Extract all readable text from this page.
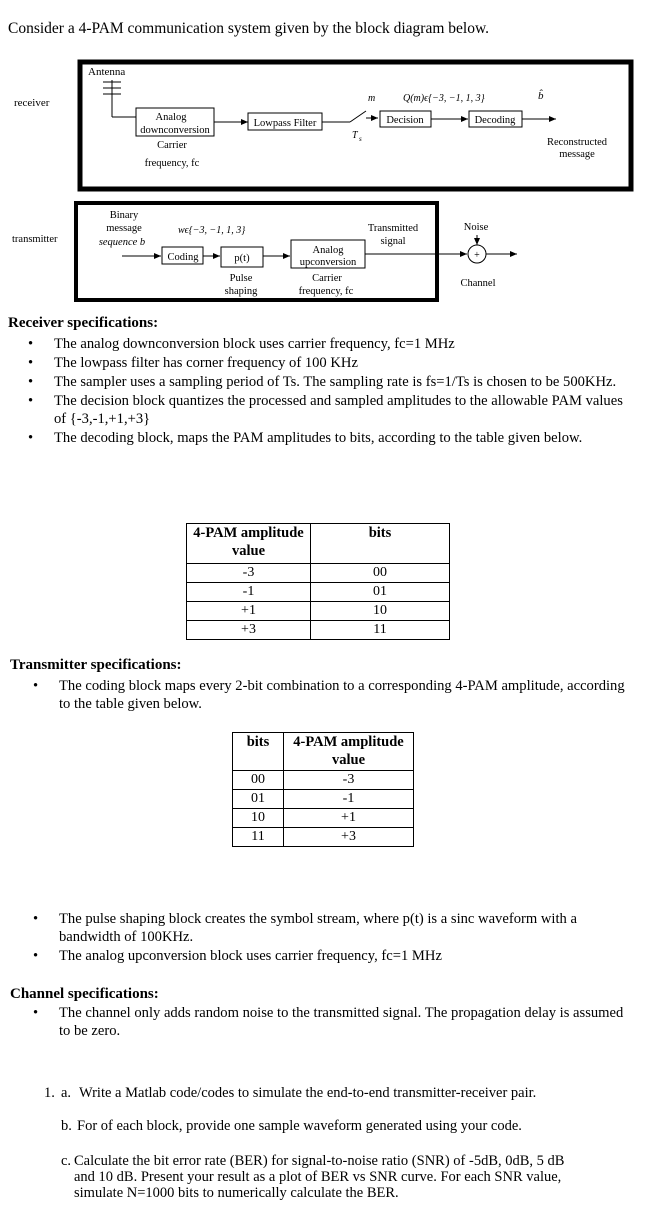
Consider a 4-PAM communication system given by the block diagram below.
receiver
Antenna
Analog
downconversion
Carrier
frequency, fc
Lowpass Filter
m
T s
Decision
Q(m)ϵ{−3, −1, 1, 3}
Decoding
b̂
Reconstructed
message
transmitter
Binary
message
sequence b
wϵ{−3, −1, 1, 3}
Coding	p(t)
Pulse
shaping
Analog
upconversion
Carrier
frequency, fc
Transmitted
signal
Noise
+
Channel
Receiver specifications:
• The analog downconversion block uses carrier frequency, fc=1 MHz
• The lowpass filter has corner frequency of 100 KHz
• The sampler uses a sampling period of Ts. The sampling rate is fs=1/Ts is chosen to be 500KHz.
• The decision block quantizes the processed and sampled amplitudes to the allowable PAM values of {-3,-1,+1,+3}
• The decoding block, maps the PAM amplitudes to bits, according to the table given below.
4-PAM amplitude value	bits
-3	00
-1	01
+1	10
+3	11
Transmitter specifications:
• The coding block maps every 2-bit combination to a corresponding 4-PAM amplitude, according to the table given below.
bits	4-PAM amplitude value
00	-3
01	-1
10	+1
11	+3
• The pulse shaping block creates the symbol stream, where p(t) is a sinc waveform with a bandwidth of 100KHz.
• The analog upconversion block uses carrier frequency, fc=1 MHz
Channel specifications:
• The channel only adds random noise to the transmitted signal. The propagation delay is assumed to be zero.
1. a. Write a Matlab code/codes to simulate the end-to-end transmitter-receiver pair.
b. For of each block, provide one sample waveform generated using your code.
c. Calculate the bit error rate (BER) for signal-to-noise ratio (SNR) of -5dB, 0dB, 5 dB and 10 dB. Present your result as a plot of BER vs SNR curve. For each SNR value, simulate N=1000 bits to numerically calculate the BER.
